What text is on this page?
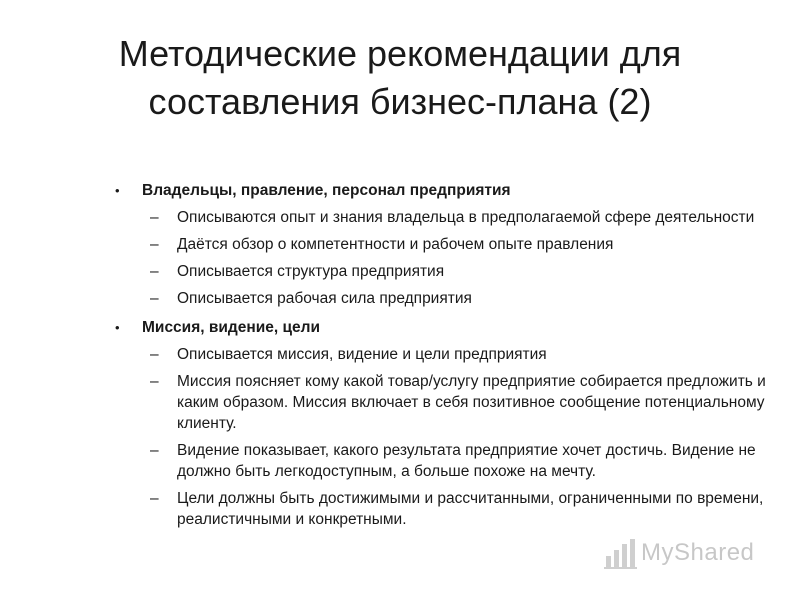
Методические рекомендации для составления бизнес-плана (2)
• Владельцы, правление, персонал предприятия
– Описываются опыт и знания владельца в предполагаемой сфере деятельности
– Даётся обзор о компетентности и рабочем опыте правления
– Описывается структура предприятия
– Описывается рабочая сила предприятия
• Миссия, видение, цели
– Описывается миссия, видение и цели предприятия
– Миссия поясняет кому какой товар/услугу предприятие собирается предложить и каким образом. Миссия включает в себя позитивное сообщение потенциальному клиенту.
– Видение показывает, какого результата предприятие хочет достичь. Видение не должно быть легкодоступным, а больше похоже на мечту.
– Цели должны быть достижимыми и рассчитанными, ограниченными по времени, реалистичными и конкретными.
MyShared
